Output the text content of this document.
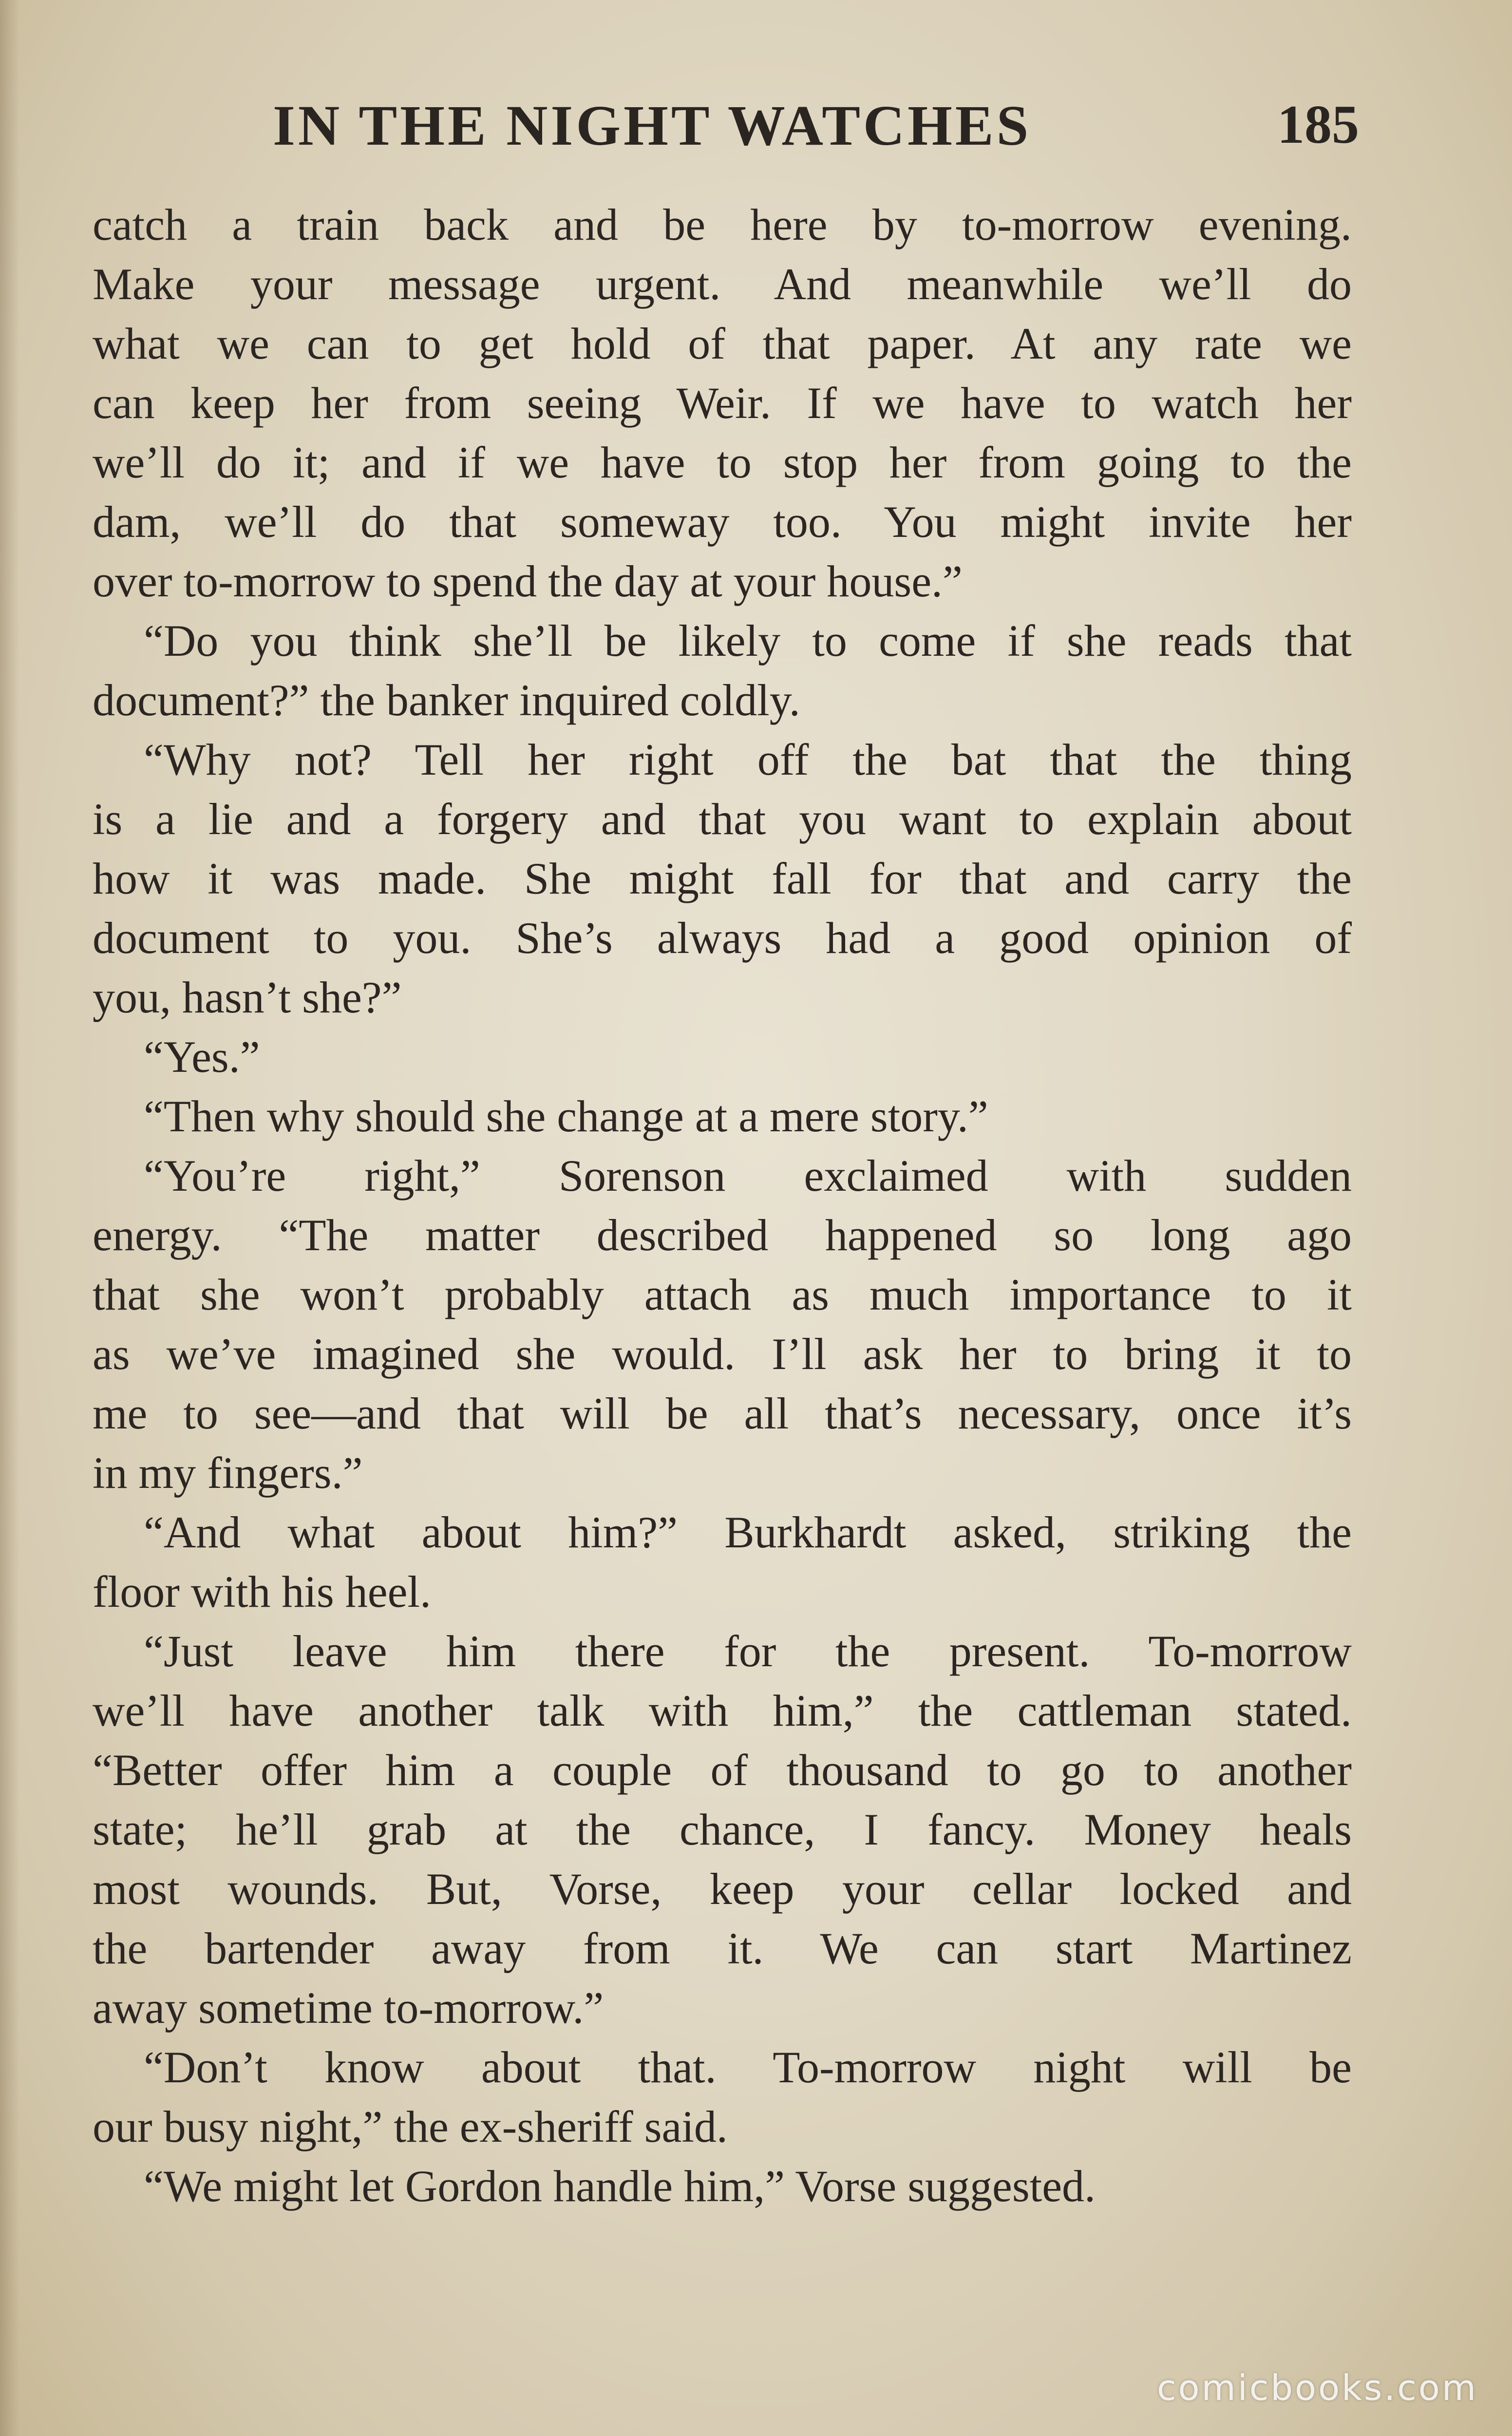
IN THE NIGHT WATCHES	185
catch a train back and be here by to-morrow evening.
Make your message urgent. And meanwhile we’ll do
what we can to get hold of that paper. At any rate we
can keep her from seeing Weir. If we have to watch her
we’ll do it; and if we have to stop her from going to the
dam, we’ll do that someway too. You might invite her
over to-morrow to spend the day at your house.”
“Do you think she’ll be likely to come if she reads that
document?” the banker inquired coldly.
“Why not? Tell her right off the bat that the thing
is a lie and a forgery and that you want to explain about
how it was made. She might fall for that and carry the
document to you. She’s always had a good opinion of
you, hasn’t she?”
“Yes.”
“Then why should she change at a mere story.”
“You’re right,” Sorenson exclaimed with sudden
energy. “The matter described happened so long ago
that she won’t probably attach as much importance to it
as we’ve imagined she would. I’ll ask her to bring it to
me to see—and that will be all that’s necessary, once it’s
in my fingers.”
“And what about him?” Burkhardt asked, striking the
floor with his heel.
“Just leave him there for the present. To-morrow
we’ll have another talk with him,” the cattleman stated.
“Better offer him a couple of thousand to go to another
state; he’ll grab at the chance, I fancy. Money heals
most wounds. But, Vorse, keep your cellar locked and
the bartender away from it. We can start Martinez
away sometime to-morrow.”
“Don’t know about that. To-morrow night will be
our busy night,” the ex-sheriff said.
“We might let Gordon handle him,” Vorse suggested.
comicbooks.com
